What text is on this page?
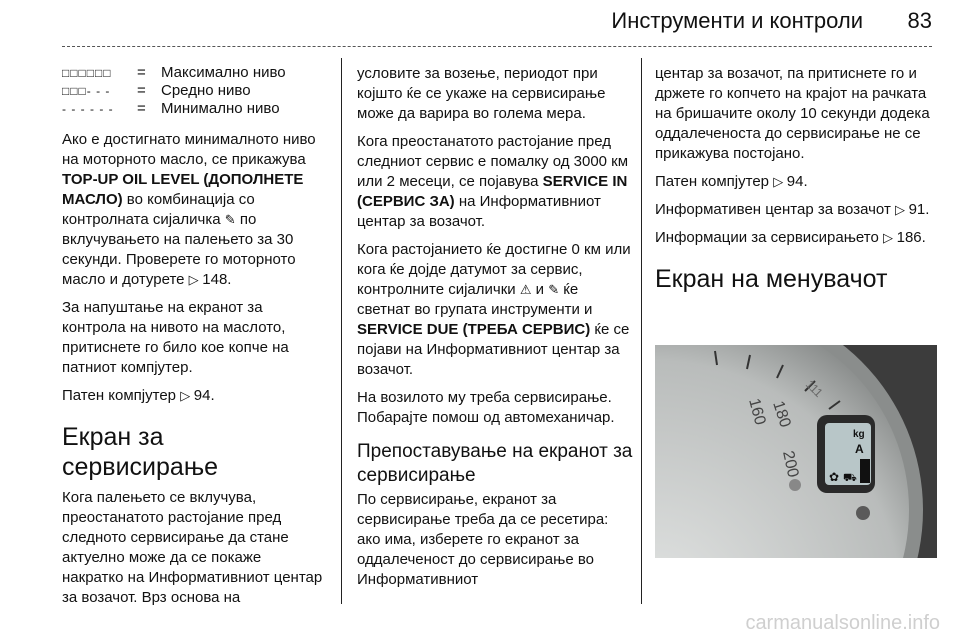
Инструменти и контроли	83
□□□□□□	=	Максимално ниво
□□□- - -	=	Средно ниво
- - - - - -	=	Минимално ниво

Ако е достигнато минималното ниво на моторното масло, се прикажува TOP-UP OIL LEVEL (ДОПОЛНЕТЕ МАСЛО) во комбинација со контролната сијаличка ✎ по вклучувањето на палењето за 30 секунди. Проверете го моторното масло и дотурете ▷ 148.

За напуштање на екранот за контрола на нивото на маслото, притиснете го било кое копче на патниот компјутер.

Патен компјутер ▷ 94.

Екран за сервисирање

Кога палењето се вклучува, преостанатото растојание пред следното сервисирање да стане актуелно може да се покаже накратко на Информативниот центар за возачот. Врз основа на

условите за возење, периодот при којшто ќе се укаже на сервисирање може да варира во голема мера.

Кога преостанатото растојание пред следниот сервис е помалку од 3000 км или 2 месеци, се појавува SERVICE IN (СЕРВИС ЗА) на Информативниот центар за возачот.

Кога растојанието ќе достигне 0 км или кога ќе дојде датумот за сервис, контролните сијалички ⚠ и ✎ ќе светнат во групата инструменти и SERVICE DUE (ТРЕБА СЕРВИС) ќе се појави на Информативниот центар за возачот.

На возилото му треба сервисирање. Побарајте помош од автомеханичар.

Препоставување на екранот за сервисирање

По сервисирање, екранот за сервисирање треба да се ресетира: ако има, изберете го екранот за оддалеченост до сервисирање во Информативниот

центар за возачот, па притиснете го и држете го копчето на крајот на рачката на бришачите околу 10 секунди додека оддалеченоста до сервисирање не се прикажува постојано.

Патен компјутер ▷ 94.

Информативен центар за возачот ▷ 91.

Информации за сервисирањето ▷ 186.

Екран на менувачот
160 180
200
111
kg
A
✿ ⛟
carmanualsonline.info
